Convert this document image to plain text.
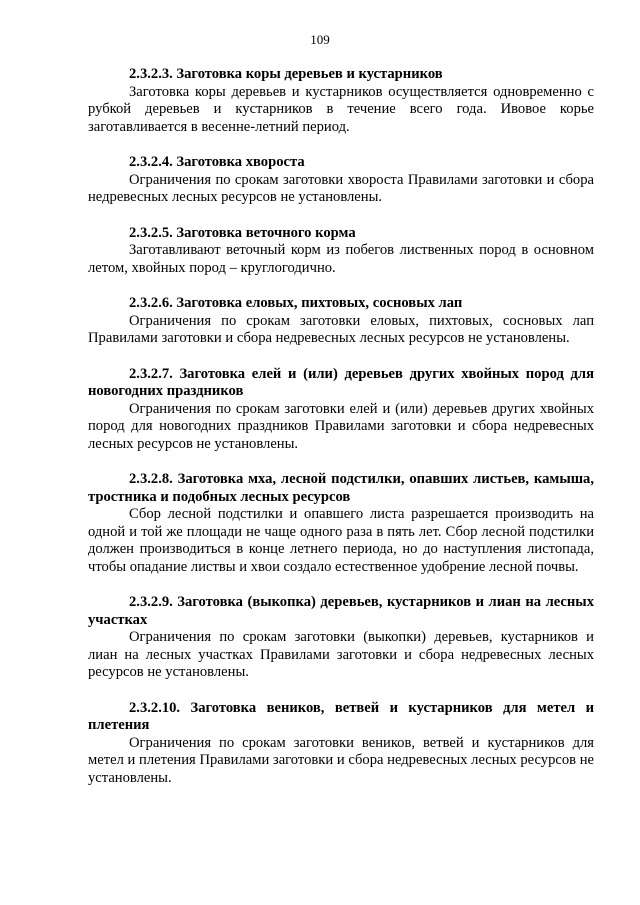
109

2.3.2.3. Заготовка коры деревьев и кустарников

Заготовка коры деревьев и кустарников осуществляется одновременно с рубкой деревьев и кустарников в течение всего года. Ивовое корье заготавливается в весенне-летний период.

2.3.2.4. Заготовка хвороста

Ограничения по срокам заготовки хвороста Правилами заготовки и сбора недревесных лесных ресурсов не установлены.

2.3.2.5. Заготовка веточного корма

Заготавливают веточный корм из побегов лиственных пород в основном летом, хвойных пород – круглогодично.

2.3.2.6. Заготовка еловых, пихтовых, сосновых лап

Ограничения по срокам заготовки еловых, пихтовых, сосновых лап Правилами заготовки и сбора недревесных лесных ресурсов не установлены.

2.3.2.7. Заготовка елей и (или) деревьев других хвойных пород для новогодних праздников

Ограничения по срокам заготовки елей и (или) деревьев других хвойных пород для новогодних праздников Правилами заготовки и сбора недревесных лесных ресурсов не установлены.

2.3.2.8. Заготовка мха, лесной подстилки, опавших листьев, камыша, тростника и подобных лесных ресурсов

Сбор лесной подстилки и опавшего листа разрешается производить на одной и той же площади не чаще одного раза в пять лет. Сбор лесной подстилки должен производиться в конце летнего периода, но до наступления листопада, чтобы опадание листвы и хвои создало естественное удобрение лесной почвы.

2.3.2.9. Заготовка (выкопка) деревьев, кустарников и лиан на лесных участках

Ограничения по срокам заготовки (выкопки) деревьев, кустарников и лиан на лесных участках Правилами заготовки и сбора недревесных лесных ресурсов не установлены.

2.3.2.10. Заготовка веников, ветвей и кустарников для метел и плетения

Ограничения по срокам заготовки веников, ветвей и кустарников для метел и плетения Правилами заготовки и сбора недревесных лесных ресурсов не установлены.
